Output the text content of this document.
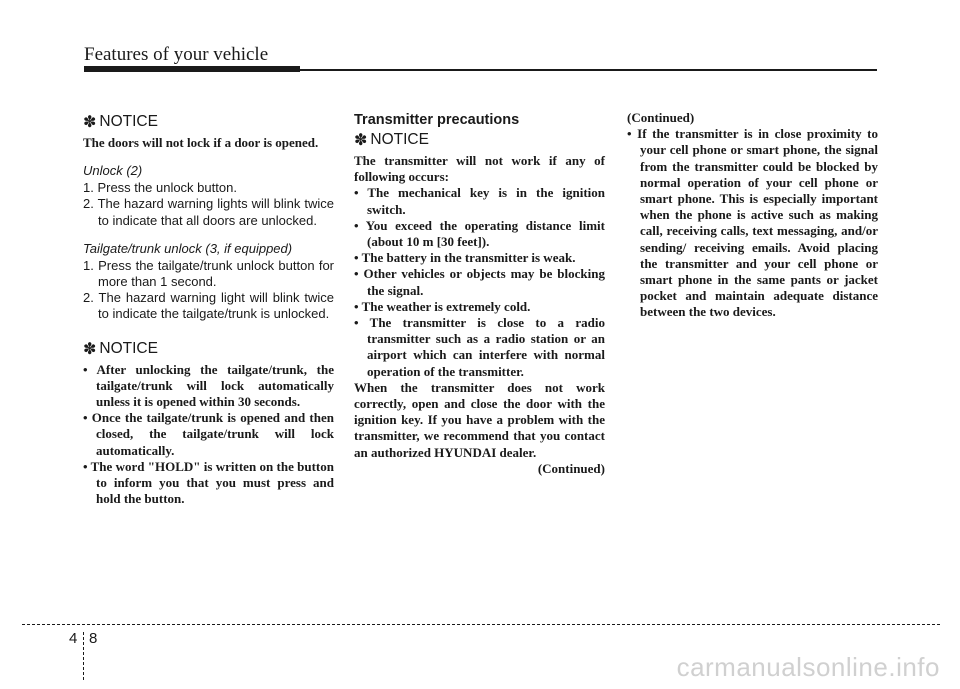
Features of your vehicle
✽ NOTICE
The doors will not lock if a door is opened.
Unlock (2)
1. Press the unlock button.
2. The hazard warning lights will blink twice to indicate that all doors are unlocked.
Tailgate/trunk unlock (3, if equipped)
1. Press the tailgate/trunk unlock button for more than 1 second.
2. The hazard warning light will blink twice to indicate the tailgate/trunk is unlocked.
✽ NOTICE
• After unlocking the tailgate/trunk, the tailgate/trunk will lock automatically unless it is opened within 30 seconds.
• Once the tailgate/trunk is opened and then closed, the tailgate/trunk will lock automatically.
• The word "HOLD" is written on the button to inform you that you must press and hold the button.
Transmitter precautions
✽ NOTICE
The transmitter will not work if any of following occurs:
• The mechanical key is in the ignition switch.
• You exceed the operating distance limit (about 10 m [30 feet]).
• The battery in the transmitter is weak.
• Other vehicles or objects may be blocking the signal.
• The weather is extremely cold.
• The transmitter is close to a radio transmitter such as a radio station or an airport which can interfere with normal operation of the transmitter.
When the transmitter does not work correctly, open and close the door with the ignition key. If you have a problem with the transmitter, we recommend that you contact an authorized HYUNDAI dealer.
(Continued)
(Continued)
• If the transmitter is in close proximity to your cell phone or smart phone, the signal from the transmitter could be blocked by normal operation of your cell phone or smart phone. This is especially important when the phone is active such as making call, receiving calls, text messaging, and/or sending/ receiving emails. Avoid placing the transmitter and your cell phone or smart phone in the same pants or jacket pocket and maintain adequate distance between the two devices.
4 8
carmanualsonline.info
